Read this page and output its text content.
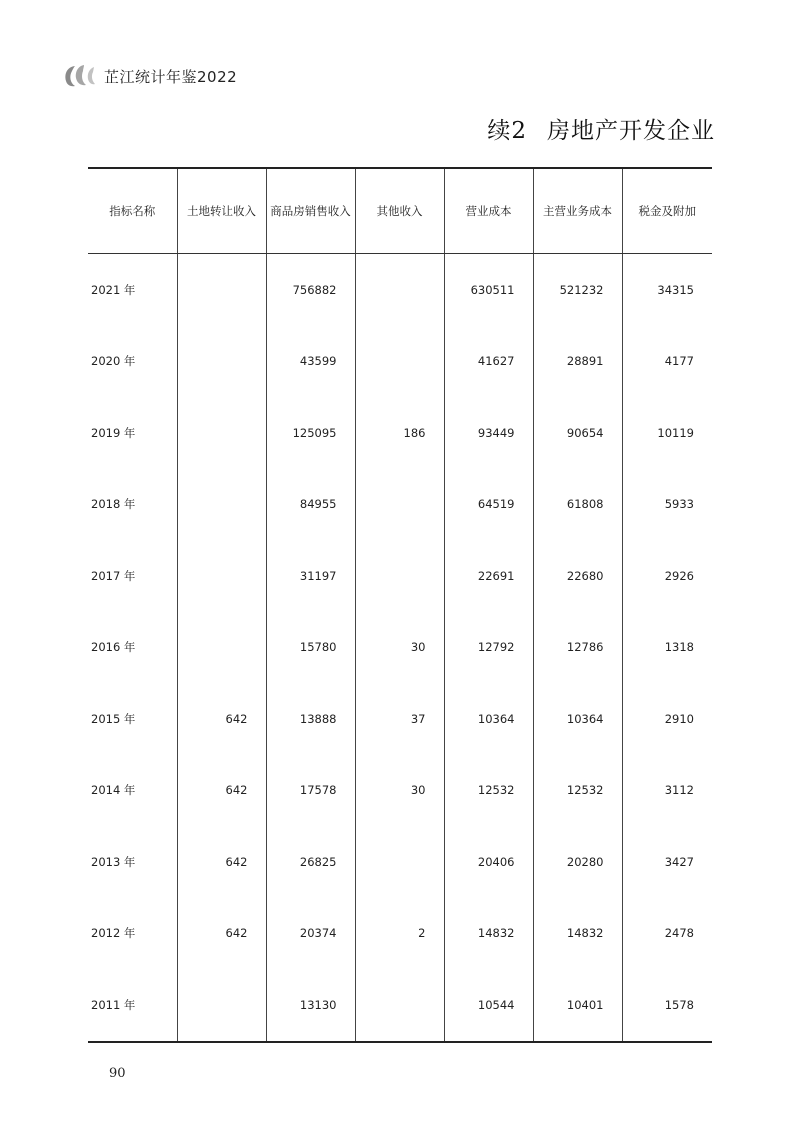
芷江统计年鉴2022
续2 房地产开发企业
指标名称	土地转让收入	商品房销售收入	其他收入	营业成本	主营业务成本	税金及附加
2021 年		756882		630511	521232	34315
2020 年		43599		41627	28891	4177
2019 年		125095	186	93449	90654	10119
2018 年		84955		64519	61808	5933
2017 年		31197		22691	22680	2926
2016 年		15780	30	12792	12786	1318
2015 年	642	13888	37	10364	10364	2910
2014 年	642	17578	30	12532	12532	3112
2013 年	642	26825		20406	20280	3427
2012 年	642	20374	2	14832	14832	2478
2011 年		13130		10544	10401	1578
90
